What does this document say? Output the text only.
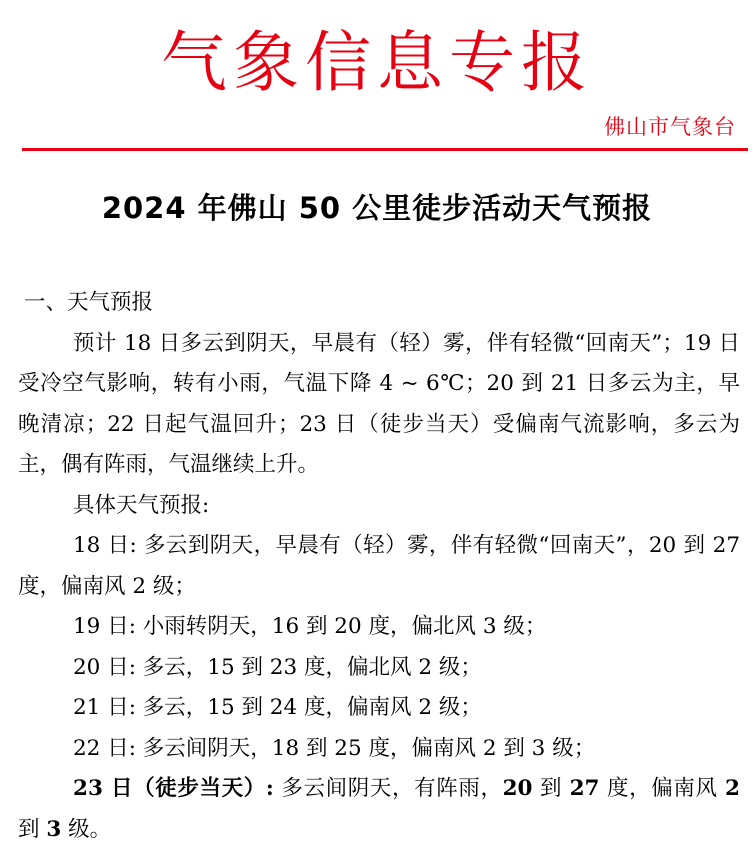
气象信息专报
佛山市气象台
2024 年佛山 50 公里徒步活动天气预报

一、天气预报

预计 18 日多云到阴天，早晨有（轻）雾，伴有轻微“回南天”；19 日受冷空气影响，转有小雨，气温下降 4 ~ 6℃；20 到 21 日多云为主，早晚清凉；22 日起气温回升；23 日（徒步当天）受偏南气流影响，多云为主，偶有阵雨，气温继续上升。

具体天气预报:

18 日: 多云到阴天，早晨有（轻）雾，伴有轻微“回南天”，20 到 27 度，偏南风 2 级；

19 日: 小雨转阴天，16 到 20 度，偏北风 3 级；

20 日: 多云，15 到 23 度，偏北风 2 级；

21 日: 多云，15 到 24 度，偏南风 2 级；

22 日: 多云间阴天，18 到 25 度，偏南风 2 到 3 级；

23 日（徒步当天）: 多云间阴天，有阵雨，20 到 27 度，偏南风 2 到 3 级。
